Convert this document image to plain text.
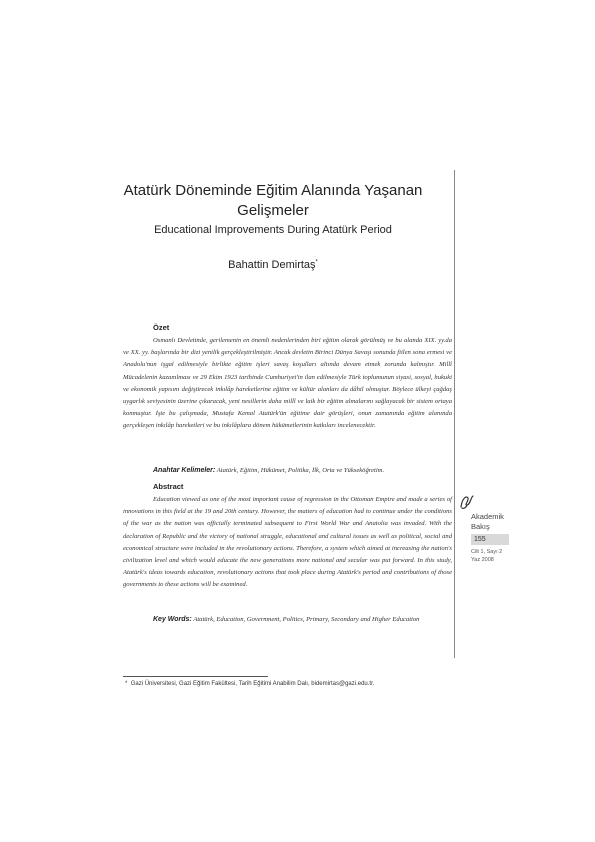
Atatürk Döneminde Eğitim Alanında Yaşanan Gelişmeler
Educational Improvements During Atatürk Period
Bahattin Demirtaş*
Özet

Osmanlı Devletinde, gerilemenin en önemli nedenlerinden biri eğitim olarak görülmüş ve bu alanda XIX. yy.da ve XX. yy. başlarında bir dizi yenilik gerçekleştirilmiştir. Ancak devletin Birinci Dünya Savaşı sonunda fiilen sona ermesi ve Anadolu'nun işgal edilmesiyle birlikte eğitim işleri savaş koşulları altında devam etmek zorunda kalmıştır. Millî Mücadelenin kazanılması ve 29 Ekim 1923 tarihinde Cumhuriyet'in ilan edilmesiyle Türk toplumunun siyasi, sosyal, hukuki ve ekonomik yapısını değiştirecek inkılâp hareketlerine eğitim ve kültür alanları da dâhil olmuştur. Böylece ülkeyi çağdaş uygarlık seviyesinin üzerine çıkaracak, yeni nesillerin daha millî ve laik bir eğitim almalarını sağlayacak bir sistem ortaya konmuştur. İşte bu çalışmada, Mustafa Kemal Atatürk'ün eğitime dair görüşleri, onun zamanında eğitim alanında gerçekleşen inkılâp hareketleri ve bu inkılâplara dönem hükümetlerinin katkıları incelenecektir.

Anahtar Kelimeler: Atatürk, Eğitim, Hükümet, Politika, İlk, Orta ve Yükseköğretim.

Abstract

Education viewed as one of the most important cause of regression in the Ottoman Empire and made a series of innovations in this field at the 19 and 20th century. However, the matters of education had to continue under the conditions of the war as the nation was officially terminated subsequent to First World War and Anatolia was invaded. With the declaration of Republic and the victory of national struggle, educational and cultural issues as well as political, social and economical structure were included in the revolutionary actions. Therefore, a system which aimed at increasing the nation's civilization level and which would educate the new generations more national and secular was put forward. In this study, Atatürk's ideas towards education, revolutionary actions that took place during Atatürk's period and contributions of those governments to these actions will be examined.

Key Words: Atatürk, Education, Government, Politics, Primary, Secondary and Higher Education

* Gazi Üniversitesi, Gazi Eğitim Fakültesi, Tarih Eğitimi Anabilim Dalı, bidemirtas@gazi.edu.tr.
Akademik
Bakış
155
Cilt 1, Sayı 2
Yaz 2008
